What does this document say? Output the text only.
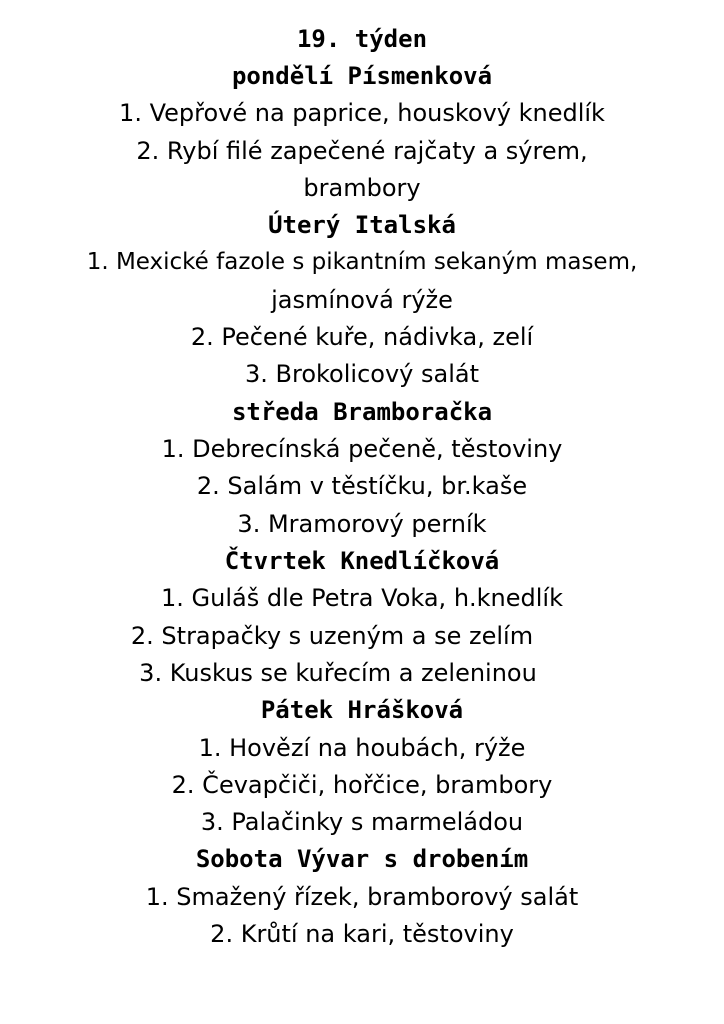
19. týden
pondělí Písmenková
1. Vepřové na paprice, houskový knedlík
2. Rybí filé zapečené rajčaty a sýrem,
brambory
Úterý Italská
1. Mexické fazole s pikantním sekaným masem,
jasmínová rýže
2. Pečené kuře, nádivka, zelí
3. Brokolicový salát
středa Bramboračka
1. Debrecínská pečeně, těstoviny
2. Salám v těstíčku, br.kaše
3. Mramorový perník
Čtvrtek Knedlíčková
1. Guláš dle Petra Voka, h.knedlík
2. Strapačky s uzeným a se zelím
3. Kuskus se kuřecím a zeleninou
Pátek Hrášková
1. Hovězí na houbách, rýže
2. Čevapčiči, hořčice, brambory
3. Palačinky s marmeládou
Sobota Vývar s drobením
1. Smažený řízek, bramborový salát
2. Krůtí na kari, těstoviny
